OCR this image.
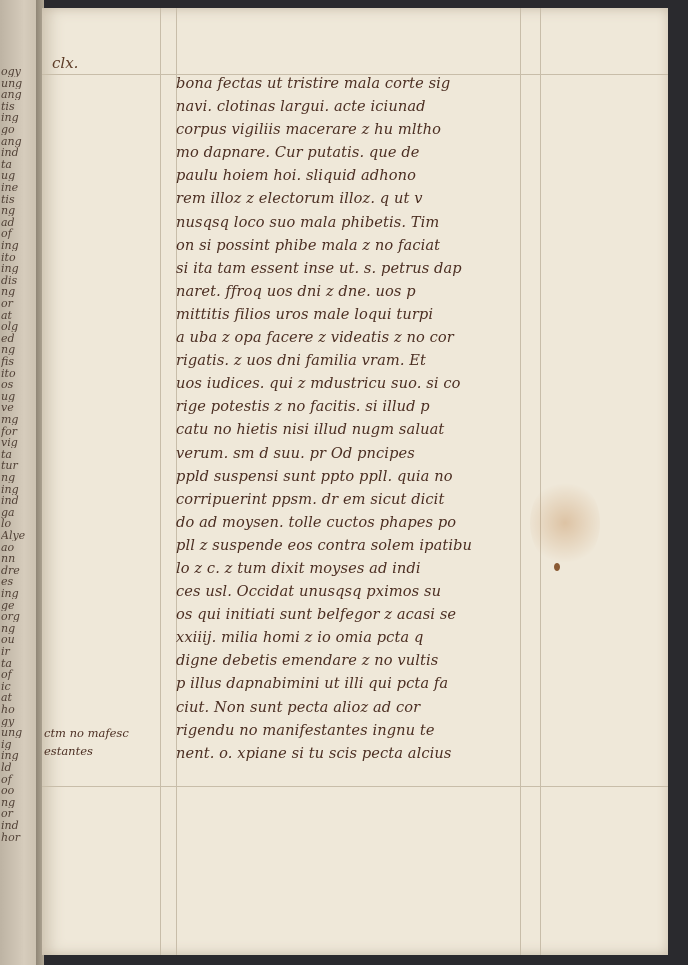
ogy
ung
ang
tis
ing
go
ang
ind
ta
ug
ine
tis
ng
ad
of
ing
ito
ing
dis
ng
or
at
olg
ed
ng
fis
ito
os
ug
ve
mg
for
vig
ta
tur
ng
ing
ind
ga
lo
Alye
ao
nn
dre
es
ing
ge
org
ng
ou
ir
ta
of
ic
at
ho
gy
ung
ig
ing
ld
of
oo
ng
or
ind
hor
clx.
bona fectas ut tristire mala corte sig
navi. clotinas largui. acte iciunad
corpus vigiliis macerare z hu mltho
mo dapnare. Cur putatis. que de
paulu hoiem hoi. sliquid adhono
rem illoz z electorum illoz. q ut v
nusqsq loco suo mala phibetis. Tim
on si possint phibe mala z no faciat
si ita tam essent inse ut. s. petrus dap
naret. ffroq uos dni z dne. uos p
mittitis filios uros male loqui turpi
a uba z opa facere z videatis z no cor
rigatis. z uos dni familia vram. Et
uos iudices. qui z mdustricu suo. si co
rige potestis z no facitis. si illud p
catu no hietis nisi illud nugm saluat
verum. sm d suu. pr Od pncipes
ppld suspensi sunt ppto ppll. quia no
corripuerint ppsm. dr em sicut dicit
do ad moysen. tolle cuctos phapes po
pll z suspende eos contra solem ipatibu
lo z c. z tum dixit moyses ad indi
ces usl. Occidat unusqsq pximos su
os qui initiati sunt belfegor z acasi se
xxiiij. milia homi z io omia pcta q
digne debetis emendare z no vultis
p illus dapnabimini ut illi qui pcta fa
ciut. Non sunt pecta alioz ad cor
rigendu no manifestantes ingnu te
nent. o. xpiane si tu scis pecta alcius
ctm no mafesc
estantes
